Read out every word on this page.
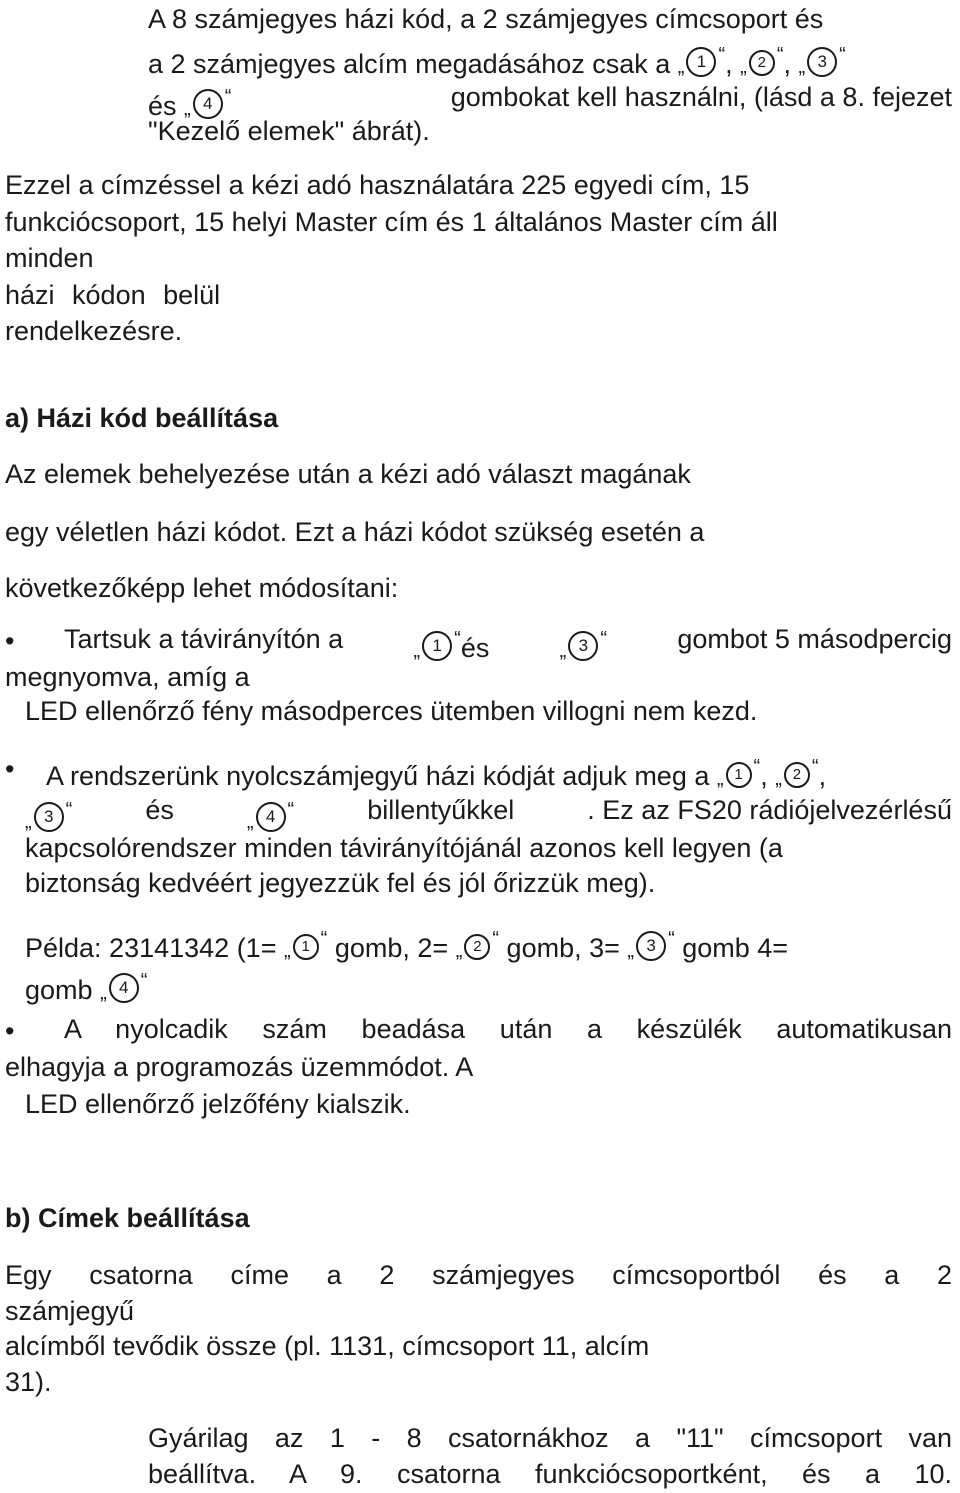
A 8 számjegyes házi kód, a 2 számjegyes címcsoport és
a 2 számjegyes alcím megadásához csak a „ 1 “, „ 2 “, „ 3 “
és „ 4 “	gombokat kell használni, (lásd a 8. fejezet
"Kezelő elemek" ábrát).
Ezzel a címzéssel a kézi adó használatára 225 egyedi cím, 15
funkciócsoport, 15 helyi Master cím és 1 általános Master cím áll
minden
házi kódon belül
rendelkezésre.
a) Házi kód beállítása
Az elemek behelyezése után a kézi adó választ magának
egy véletlen házi kódot. Ezt a házi kódot szükség esetén a
következőképp lehet módosítani:
• Tartsuk a távirányítón a	„ 1 “és	„ 3 “	gombot 5 másodpercig
megnyomva, amíg a
LED ellenőrző fény másodperces ütemben villogni nem kezd.
• A rendszerünk nyolcszámjegyű házi kódját adjuk meg a „ 1 “, „ 2 “,
„ 3 “	és	„ 4 “	billentyűkkel	. Ez az FS20 rádiójelvezérlésű
kapcsolórendszer minden távirányítójánál azonos kell legyen (a
biztonság kedvéért jegyezzük fel és jól őrizzük meg).
Példa: 23141342 (1= „ 1 “ gomb, 2= „ 2 “ gomb, 3= „ 3 “ gomb 4=
gomb „ 4 “
• A nyolcadik szám beadása után a készülék automatikusan
elhagyja a programozás üzemmódot. A
LED ellenőrző jelzőfény kialszik.
b) Címek beállítása
Egy csatorna címe a 2 számjegyes címcsoportból és a 2
számjegyű
alcímből tevődik össze (pl. 1131, címcsoport 11, alcím
31).
Gyárilag az 1 - 8 csatornákhoz a "11" címcsoport van
beállítva. A 9. csatorna funkciócsoportként, és a 10.
